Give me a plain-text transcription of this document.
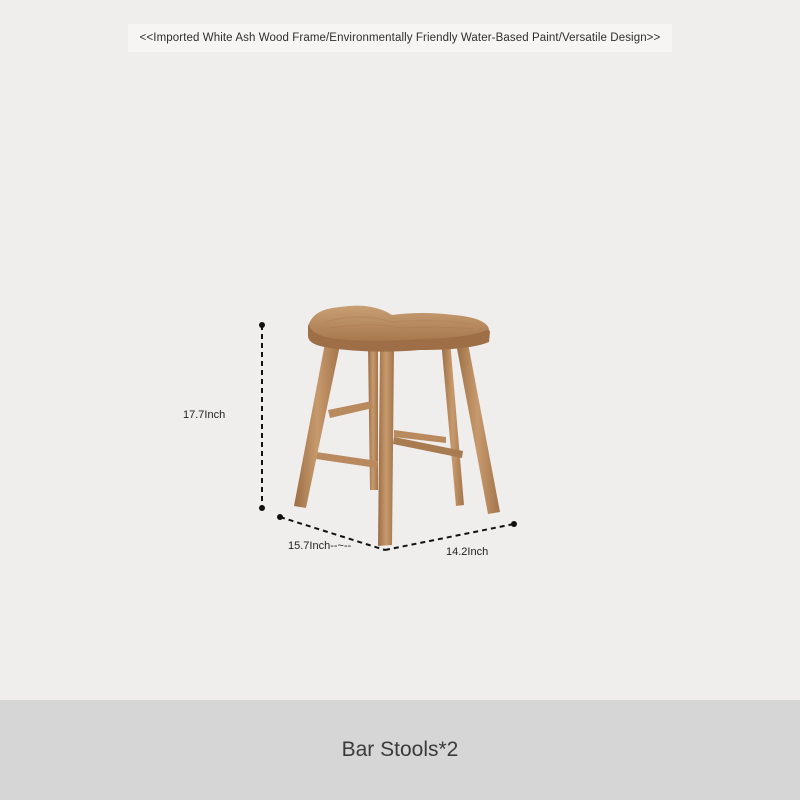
<<Imported White Ash Wood Frame/Environmentally Friendly Water-Based Paint/Versatile Design>>
17.7Inch
15.7Inch--~--	14.2Inch
Bar Stools*2
